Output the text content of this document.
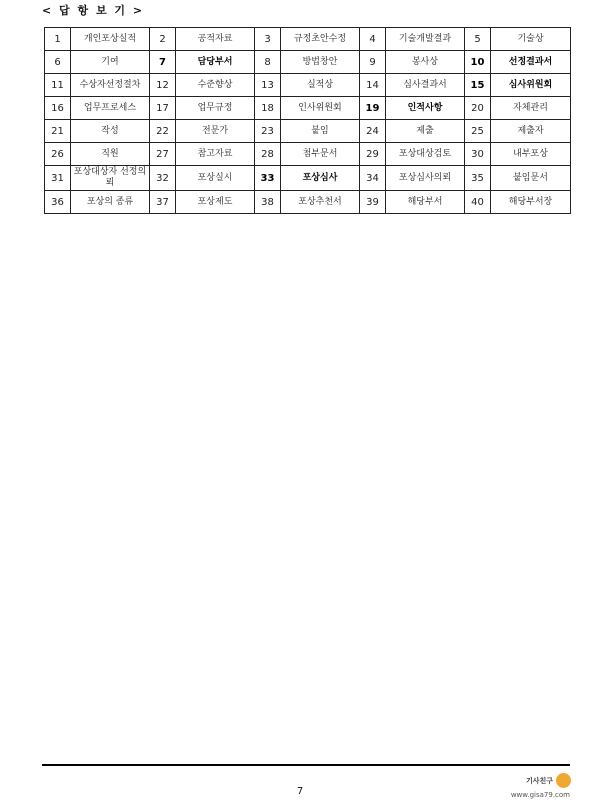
< 답 항 보 기 >
1	개인포상실적	2	공적자료	3	규정초안수정	4	기술개발결과	5	기술상
6	기여	7	담당부서	8	방법창안	9	봉사상	10	선정결과서
11	수상자선정절차	12	수준향상	13	실적상	14	심사결과서	15	심사위원회
16	업무프로세스	17	업무규정	18	인사위원회	19	인적사항	20	자체관리
21	작성	22	전문가	23	붙임	24	제출	25	제출자
26	직원	27	참고자료	28	첨부문서	29	포상대상검토	30	내부포상
31	포상대상자 선정의뢰	32	포상실시	33	포상심사	34	포상심사의뢰	35	붙임문서
36	포상의 종류	37	포상제도	38	포상추천서	39	해당부서	40	해당부서장
7
기사친구
www.gisa79.com
